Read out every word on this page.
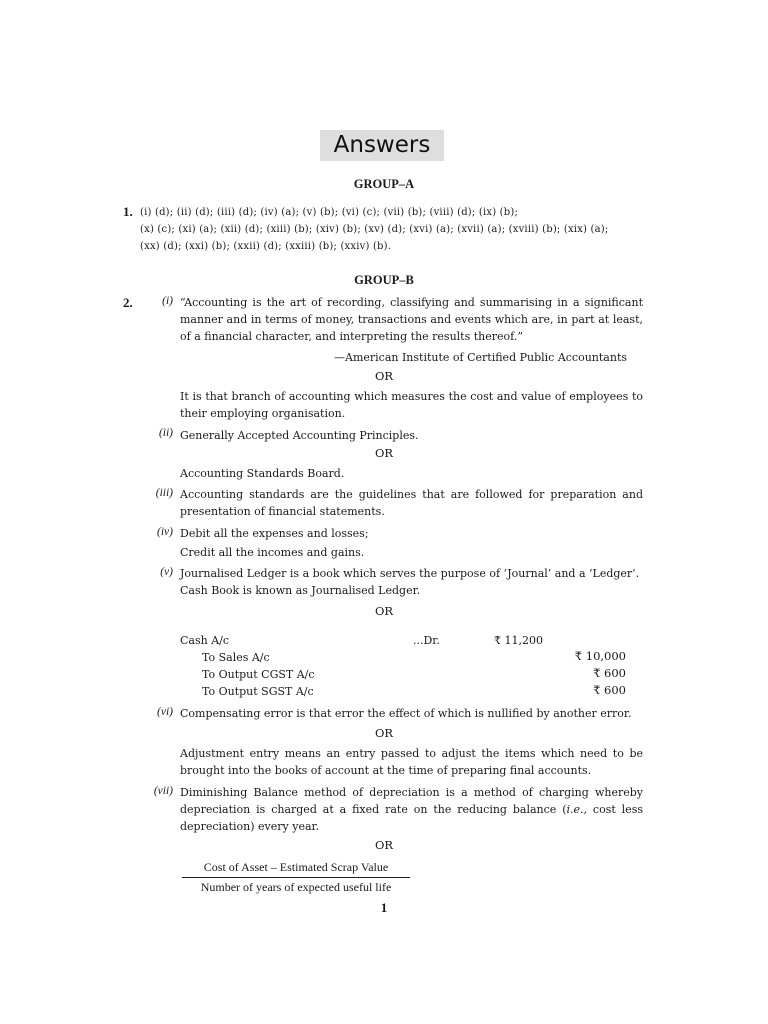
Answers
GROUP–A
1. (i) (d); (ii) (d); (iii) (d); (iv) (a); (v) (b); (vi) (c); (vii) (b); (viii) (d); (ix) (b);
(x) (c); (xi) (a); (xii) (d); (xiii) (b); (xiv) (b); (xv) (d); (xvi) (a); (xvii) (a); (xviii) (b); (xix) (a);
(xx) (d); (xxi) (b); (xxii) (d); (xxiii) (b); (xxiv) (b).
GROUP–B
2.	(i) “Accounting is the art of recording, classifying and summarising in a significant manner and in terms of money, transactions and events which are, in part at least, of a financial character, and interpreting the results thereof.”
—American Institute of Certified Public Accountants
OR
It is that branch of accounting which measures the cost and value of employees to their employing organisation.
(ii) Generally Accepted Accounting Principles.
OR
Accounting Standards Board.
(iii) Accounting standards are the guidelines that are followed for preparation and presentation of financial statements.
(iv) Debit all the expenses and losses;
Credit all the incomes and gains.
(v) Journalised Ledger is a book which serves the purpose of ‘Journal’ and a ‘Ledger’.
Cash Book is known as Journalised Ledger.
OR
Cash A/c	...Dr.	₹ 11,200
To Sales A/c	₹ 10,000
To Output CGST A/c	₹ 600
To Output SGST A/c	₹ 600
(vi) Compensating error is that error the effect of which is nullified by another error.
OR
Adjustment entry means an entry passed to adjust the items which need to be brought into the books of account at the time of preparing final accounts.
(vii) Diminishing Balance method of depreciation is a method of charging whereby depreciation is charged at a fixed rate on the reducing balance (i.e., cost less depreciation) every year.
OR
Cost of Asset – Estimated Scrap Value
Number of years of expected useful life
1
